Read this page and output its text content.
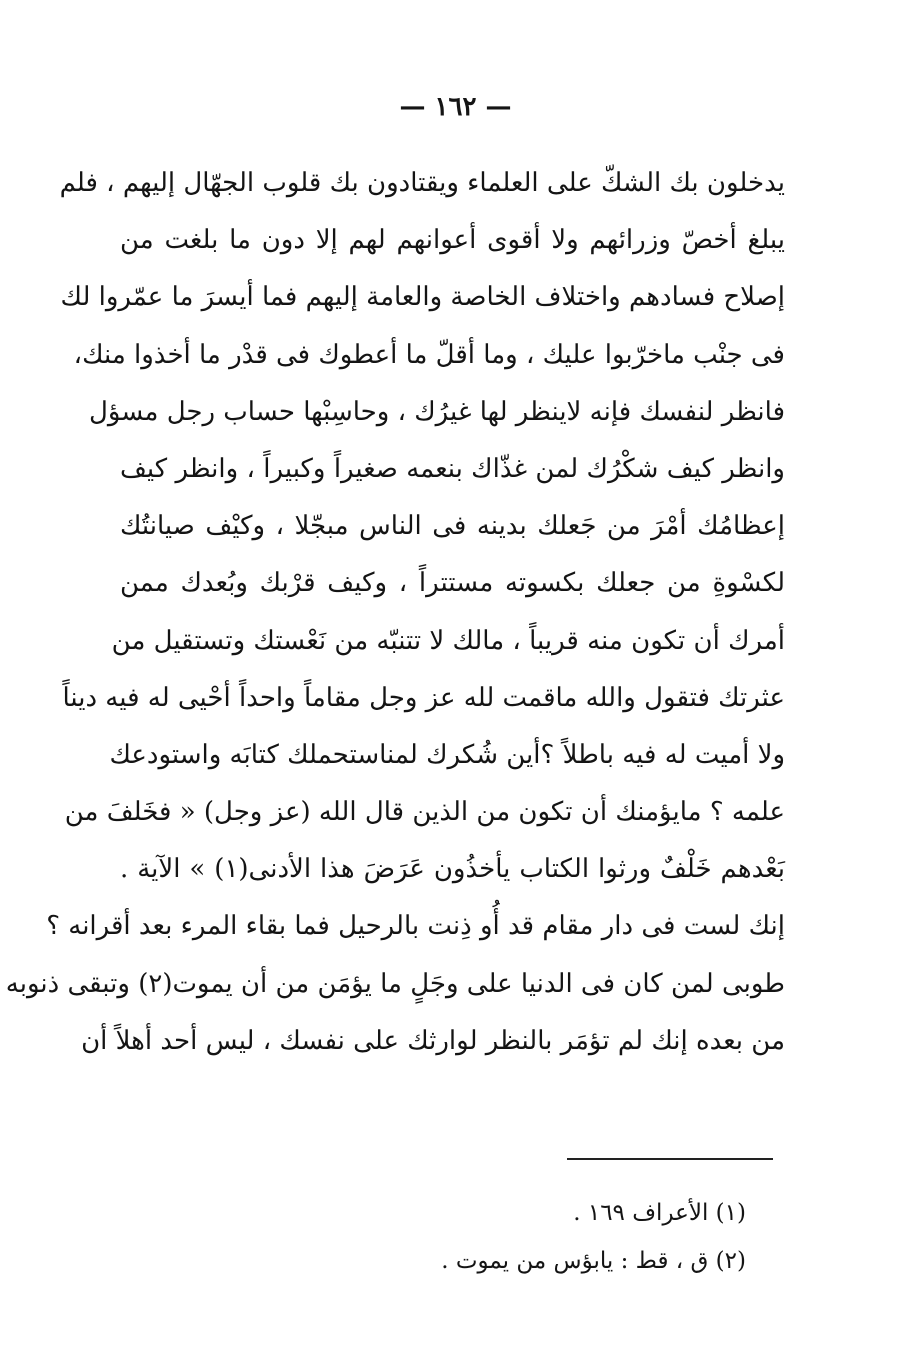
— ١٦٢ —
يدخلون بك الشكّ على العلماء ويقتادون بك قلوب الجهّال إليهم ، فلم
يبلغ أخصّ وزرائهم ولا أقوى أعوانهم لهم إلا دون ما بلغت من
إصلاح فسادهم واختلاف الخاصة والعامة إليهم فما أيسرَ ما عمّروا لك
فى جنْب ماخرّبوا عليك ، وما أقلّ ما أعطوك فى قدْر ما أخذوا منك،
فانظر لنفسك فإنه لاينظر لها غيرُك ، وحاسِبْها حساب رجل مسؤل
وانظر كيف شكْرُك لمن غذّاك بنعمه صغيراً وكبيراً ، وانظر كيف
إعظامُك أمْرَ من جَعلك بدينه فى الناس مبجّلا ، وكيْف صيانتُك
لكسْوةِ من جعلك بكسوته مستتراً ، وكيف قرْبك وبُعدك ممن
أمرك أن تكون منه قريباً ، مالك لا تتنبّه من نَعْستك وتستقيل من
عثرتك فتقول والله ماقمت لله عز وجل مقاماً واحداً أحْيى له فيه ديناً
ولا أميت له فيه باطلاً ؟أين شُكرك لمناستحملك كتابَه واستودعك
علمه ؟ مايؤمنك أن تكون من الذين قال الله (عز وجل) « فخَلفَ من
بَعْدهم خَلْفٌ ورثوا الكتاب يأخذُون عَرَضَ هذا الأدنى(١) » الآية .
إنك لست فى دار مقام قد أُو ذِنت بالرحيل فما بقاء المرء بعد أقرانه ؟
طوبى لمن كان فى الدنيا على وجَلٍ ما يؤمَن من أن يموت(٢) وتبقى ذنوبه
من بعده إنك لم تؤمَر بالنظر لوارثك على نفسك ، ليس أحد أهلاً أن
(١) الأعراف ١٦٩ .
(٢) ق ، قط : يابؤس من يموت .
